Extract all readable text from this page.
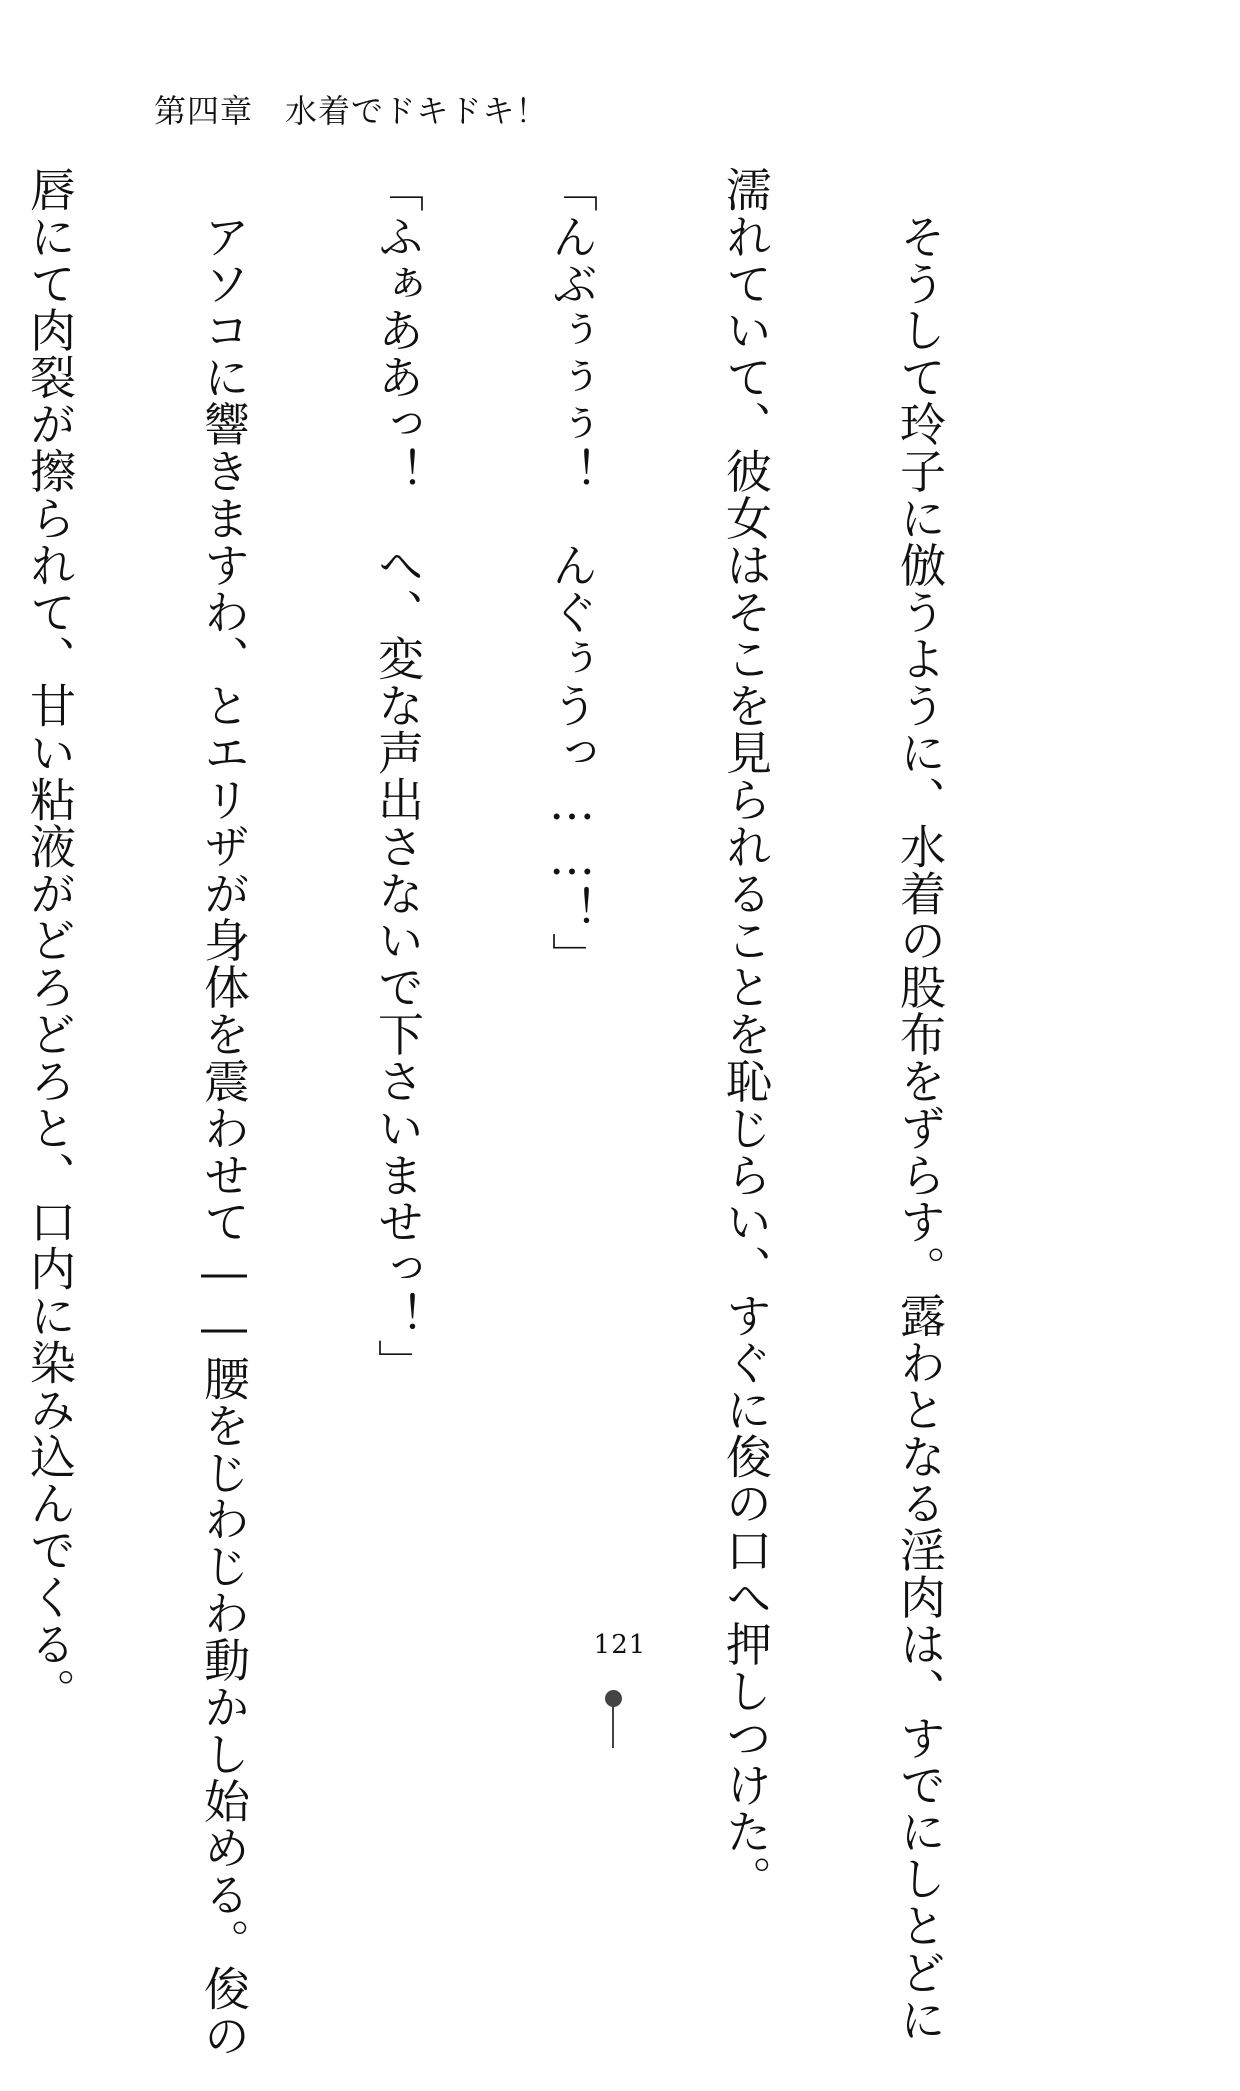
第四章 水着でドキドキ！

　そうして玲子に倣うように、水着の股布をずらす。露わとなる淫肉は、すでにしとどに

濡れていて、彼女はそこを見られることを恥じらい、すぐに俊の口へ押しつけた。

「んぶぅぅぅ！　んぐぅうっ……！」

「ふぁああっ！　へ、変な声出さないで下さいませっ！」

　アソコに響きますわ、とエリザが身体を震わせて――腰をじわじわ動かし始める。俊の

唇にて肉裂が擦られて、甘い粘液がどろどろと、口内に染み込んでくる。

	121
